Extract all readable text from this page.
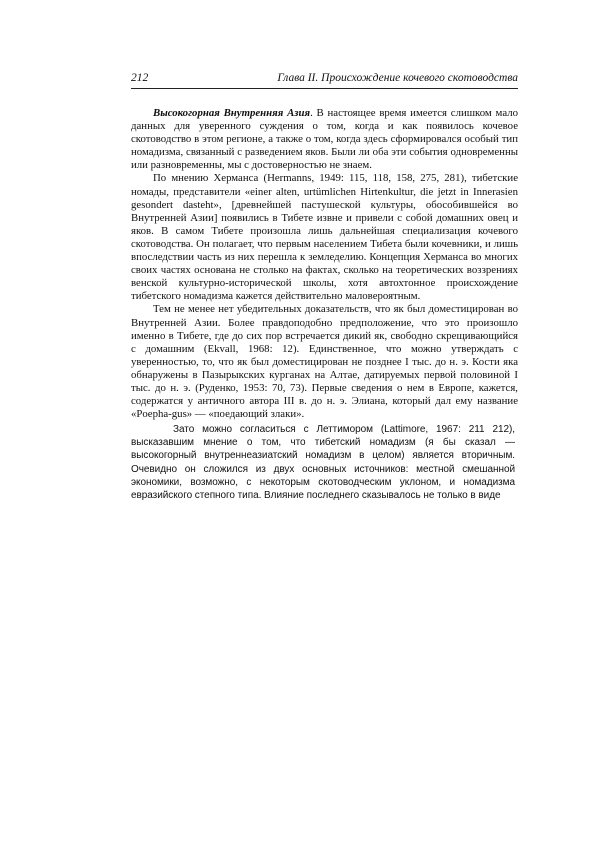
212	Глава II. Происхождение кочевого скотоводства

Высокогорная Внутренняя Азия. В настоящее время имеется слишком мало данных для уверенного суждения о том, когда и как появилось кочевое скотоводство в этом регионе, а также о том, когда здесь сформировался особый тип номадизма, связанный с разведением яков. Были ли оба эти события одновременны или разновременны, мы с достоверностью не знаем.

По мнению Херманса (Hermanns, 1949: 115, 118, 158, 275, 281), тибетские номады, представители «einer alten, urtümlichen Hirtenkultur, die jetzt in Innerasien gesondert dasteht», [древнейшей пастушеской культуры, обособившейся во Внутренней Азии] появились в Тибете извне и привели с собой домашних овец и яков. В самом Тибете произошла лишь дальнейшая специализация кочевого скотоводства. Он полагает, что первым населением Тибета были кочевники, и лишь впоследствии часть из них перешла к земледелию. Концепция Херманса во многих своих частях основана не столько на фактах, сколько на теоретических воззрениях венской культурно-исторической школы, хотя автохтонное происхождение тибетского номадизма кажется действительно маловероятным.

Тем не менее нет убедительных доказательств, что як был доместицирован во Внутренней Азии. Более правдоподобно предположение, что это произошло именно в Тибете, где до сих пор встречается дикий як, свободно скрещивающийся с домашним (Ekvall, 1968: 12). Единственное, что можно утверждать с уверенностью, то, что як был доместицирован не позднее I тыс. до н. э. Кости яка обнаружены в Пазырыкских курганах на Алтае, датируемых первой половиной I тыс. до н. э. (Руденко, 1953: 70, 73). Первые сведения о нем в Европе, кажется, содержатся у античного автора III в. до н. э. Элиана, который дал ему название «Poepha-gus» — «поедающий злаки».

Зато можно согласиться с Леттимором (Lattimore, 1967: 211 212), высказавшим мнение о том, что тибетский номадизм (я бы сказал — высокогорный внутреннеазиатский номадизм в целом) является вторичным. Очевидно он сложился из двух основных источников: местной смешанной экономики, возможно, с некоторым скотоводческим уклоном, и номадизма евразийского степного типа. Влияние последнего сказывалось не только в виде
